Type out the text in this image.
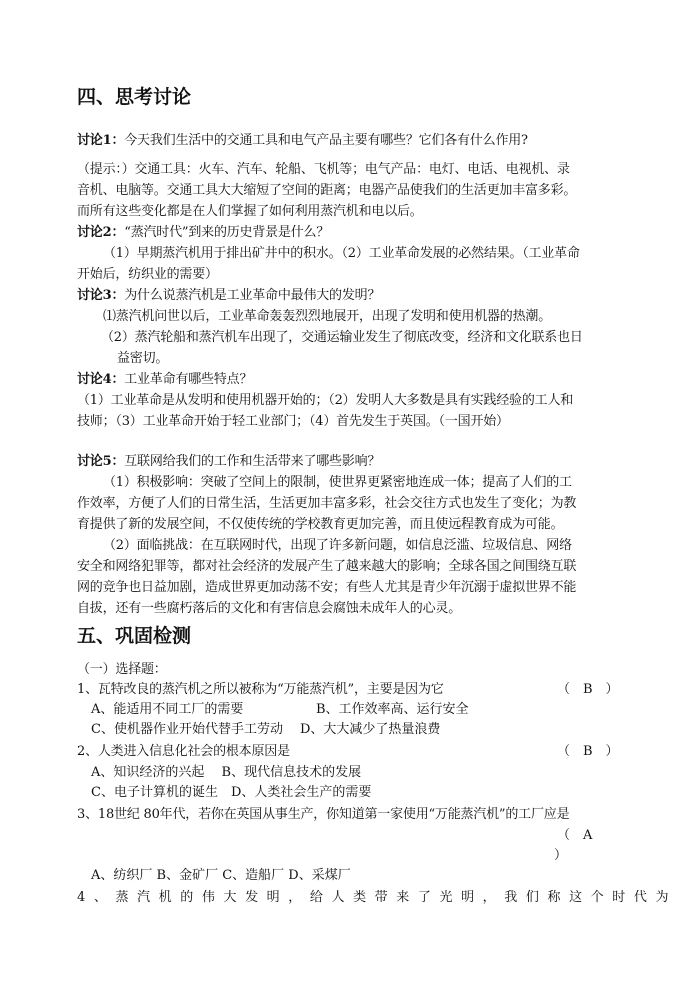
四、思考讨论
讨论1：今天我们生活中的交通工具和电气产品主要有哪些？它们各有什么作用?
（提示：）交通工具：火车、汽车、轮船、飞机等；电气产品：电灯、电话、电视机、录
音机、电脑等。交通工具大大缩短了空间的距离；电器产品使我们的生活更加丰富多彩。
而所有这些变化都是在人们掌握了如何利用蒸汽机和电以后。
讨论2：“蒸汽时代”到来的历史背景是什么？
（1）早期蒸汽机用于排出矿井中的积水。（2）工业革命发展的必然结果。（工业革命
开始后，纺织业的需要）
讨论3：为什么说蒸汽机是工业革命中最伟大的发明？
⑴蒸汽机问世以后，工业革命轰轰烈烈地展开，出现了发明和使用机器的热潮。
（2）蒸汽轮船和蒸汽机车出现了，交通运输业发生了彻底改变，经济和文化联系也日
益密切。
讨论4：工业革命有哪些特点？
（1）工业革命是从发明和使用机器开始的；（2）发明人大多数是具有实践经验的工人和
技师；（3）工业革命开始于轻工业部门；（4）首先发生于英国。（一国开始）
讨论5：互联网给我们的工作和生活带来了哪些影响？
（1）积极影响：突破了空间上的限制，使世界更紧密地连成一体；提高了人们的工
作效率，方便了人们的日常生活，生活更加丰富多彩，社会交往方式也发生了变化；为教
育提供了新的发展空间，不仅使传统的学校教育更加完善，而且使远程教育成为可能。
（2）面临挑战：在互联网时代，出现了许多新问题，如信息泛滥、垃圾信息、网络
安全和网络犯罪等，都对社会经济的发展产生了越来越大的影响；全球各国之间围绕互联
网的竞争也日益加剧，造成世界更加动荡不安；有些人尤其是青少年沉溺于虚拟世界不能
自拔，还有一些腐朽落后的文化和有害信息会腐蚀未成年人的心灵。
五、巩固检测
（一）选择题：
1、瓦特改良的蒸汽机之所以被称为“万能蒸汽机”，主要是因为它	（　B　）
A、能适用不同工厂的需要	B、工作效率高、运行安全
C、使机器作业开始代替手工劳动 D、大大减少了热量浪费
2、人类进入信息化社会的根本原因是	（　B　）
A、知识经济的兴起　 B、现代信息技术的发展
C、电子计算机的诞生　D、人类社会生产的需要
3、18世纪 80年代，若你在英国从事生产，你知道第一家使用“万能蒸汽机”的工厂应是
（　A
）
A、纺织厂 B、金矿厂 C、造船厂 D、采煤厂
4、蒸汽机的伟大发明，给人类带来了光明，我们称这个时代为
